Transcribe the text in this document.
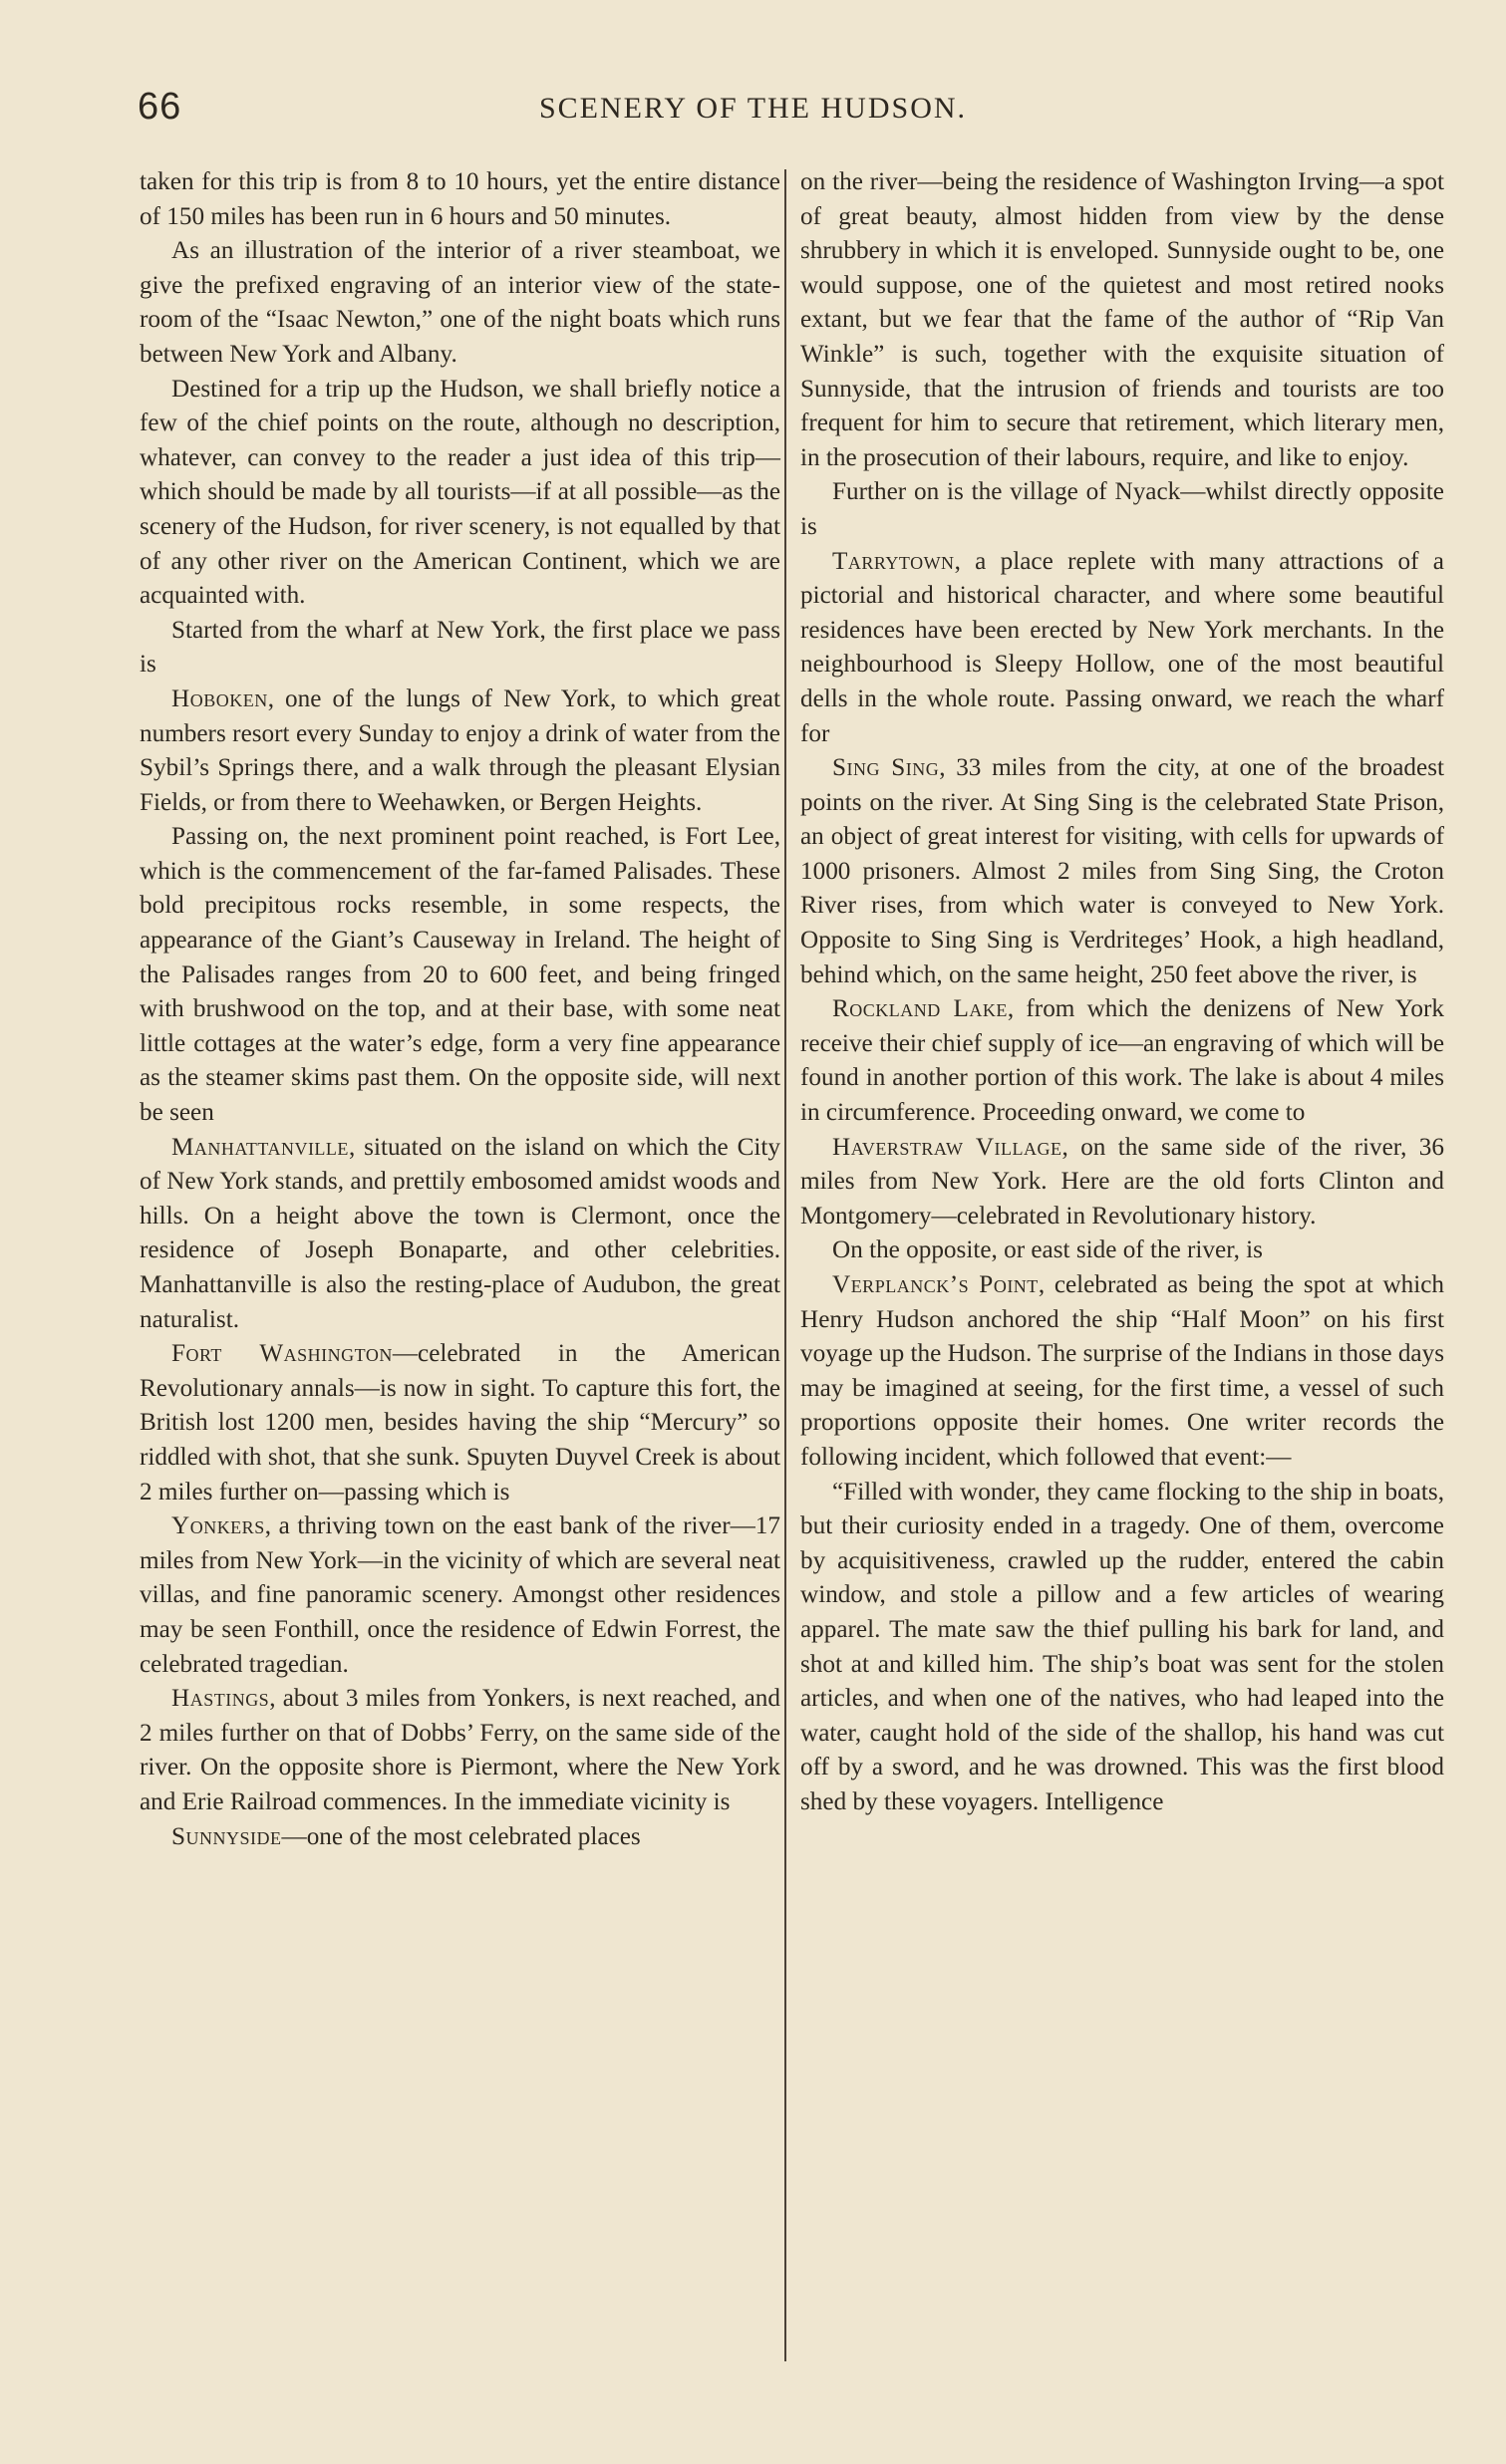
66	SCENERY OF THE HUDSON.

taken for this trip is from 8 to 10 hours, yet the entire distance of 150 miles has been run in 6 hours and 50 minutes.

As an illustration of the interior of a river steamboat, we give the prefixed engraving of an interior view of the state-room of the “Isaac Newton,” one of the night boats which runs between New York and Albany.

Destined for a trip up the Hudson, we shall briefly notice a few of the chief points on the route, although no description, whatever, can convey to the reader a just idea of this trip—which should be made by all tourists—if at all possible—as the scenery of the Hudson, for river scenery, is not equalled by that of any other river on the American Continent, which we are acquainted with.

Started from the wharf at New York, the first place we pass is

Hoboken, one of the lungs of New York, to which great numbers resort every Sunday to enjoy a drink of water from the Sybil’s Springs there, and a walk through the pleasant Elysian Fields, or from there to Weehawken, or Bergen Heights.

Passing on, the next prominent point reached, is Fort Lee, which is the commencement of the far-famed Palisades. These bold precipitous rocks resemble, in some respects, the appearance of the Giant’s Causeway in Ireland. The height of the Palisades ranges from 20 to 600 feet, and being fringed with brushwood on the top, and at their base, with some neat little cottages at the water’s edge, form a very fine appearance as the steamer skims past them. On the opposite side, will next be seen

Manhattanville, situated on the island on which the City of New York stands, and prettily embosomed amidst woods and hills. On a height above the town is Clermont, once the residence of Joseph Bonaparte, and other celebrities. Manhattanville is also the resting-place of Audubon, the great naturalist.

Fort Washington—celebrated in the American Revolutionary annals—is now in sight. To capture this fort, the British lost 1200 men, besides having the ship “Mercury” so riddled with shot, that she sunk. Spuyten Duyvel Creek is about 2 miles further on—passing which is

Yonkers, a thriving town on the east bank of the river—17 miles from New York—in the vicinity of which are several neat villas, and fine panoramic scenery. Amongst other residences may be seen Fonthill, once the residence of Edwin Forrest, the celebrated tragedian.

Hastings, about 3 miles from Yonkers, is next reached, and 2 miles further on that of Dobbs’ Ferry, on the same side of the river. On the opposite shore is Piermont, where the New York and Erie Railroad commences. In the immediate vicinity is

Sunnyside—one of the most celebrated places

on the river—being the residence of Washington Irving—a spot of great beauty, almost hidden from view by the dense shrubbery in which it is enveloped. Sunnyside ought to be, one would suppose, one of the quietest and most retired nooks extant, but we fear that the fame of the author of “Rip Van Winkle” is such, together with the exquisite situation of Sunnyside, that the intrusion of friends and tourists are too frequent for him to secure that retirement, which literary men, in the prosecution of their labours, require, and like to enjoy.

Further on is the village of Nyack—whilst directly opposite is

Tarrytown, a place replete with many attractions of a pictorial and historical character, and where some beautiful residences have been erected by New York merchants. In the neighbourhood is Sleepy Hollow, one of the most beautiful dells in the whole route. Passing onward, we reach the wharf for

Sing Sing, 33 miles from the city, at one of the broadest points on the river. At Sing Sing is the celebrated State Prison, an object of great interest for visiting, with cells for upwards of 1000 prisoners. Almost 2 miles from Sing Sing, the Croton River rises, from which water is conveyed to New York. Opposite to Sing Sing is Verdriteges’ Hook, a high headland, behind which, on the same height, 250 feet above the river, is

Rockland Lake, from which the denizens of New York receive their chief supply of ice—an engraving of which will be found in another portion of this work. The lake is about 4 miles in circumference. Proceeding onward, we come to

Haverstraw Village, on the same side of the river, 36 miles from New York. Here are the old forts Clinton and Montgomery—celebrated in Revolutionary history.

On the opposite, or east side of the river, is

Verplanck’s Point, celebrated as being the spot at which Henry Hudson anchored the ship “Half Moon” on his first voyage up the Hudson. The surprise of the Indians in those days may be imagined at seeing, for the first time, a vessel of such proportions opposite their homes. One writer records the following incident, which followed that event:—

“Filled with wonder, they came flocking to the ship in boats, but their curiosity ended in a tragedy. One of them, overcome by acquisitiveness, crawled up the rudder, entered the cabin window, and stole a pillow and a few articles of wearing apparel. The mate saw the thief pulling his bark for land, and shot at and killed him. The ship’s boat was sent for the stolen articles, and when one of the natives, who had leaped into the water, caught hold of the side of the shallop, his hand was cut off by a sword, and he was drowned. This was the first blood shed by these voyagers. Intelligence
